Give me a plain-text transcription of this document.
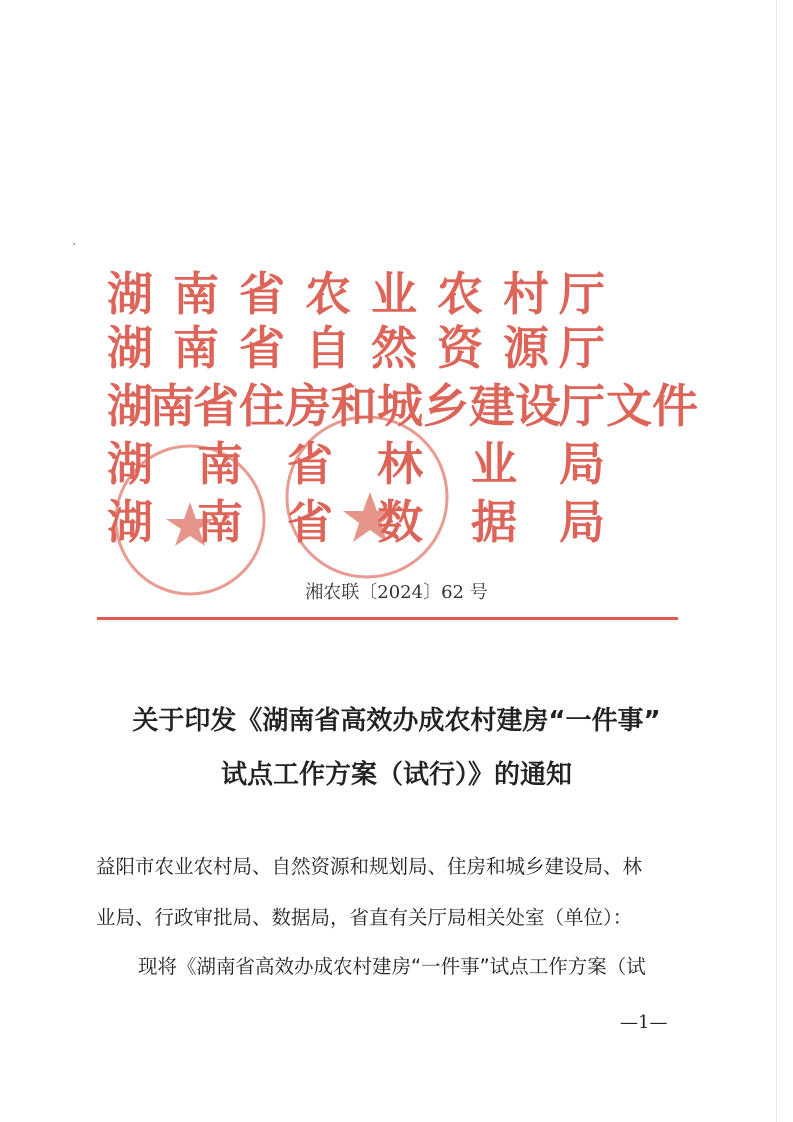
湖 南 省 农 业 农 村 厅
湖 南 省 自 然 资 源 厅
湖
南
省 住 房 和 城 乡 建 设
厅 文件
湖 南 省 林 业 局
湖 南 省 数 据 局
湘农联〔2024〕62 号
关于印发《湖南省高效办成农村建房“一件事”
试点工作方案（试行）》的通知
益阳市农业农村局、自然资源和规划局、住房和城乡建设局、林
业局、行政审批局、数据局，省直有关厅局相关处室（单位）：
现将《湖南省高效办成农村建房“一件事”试点工作方案（试
—1—
